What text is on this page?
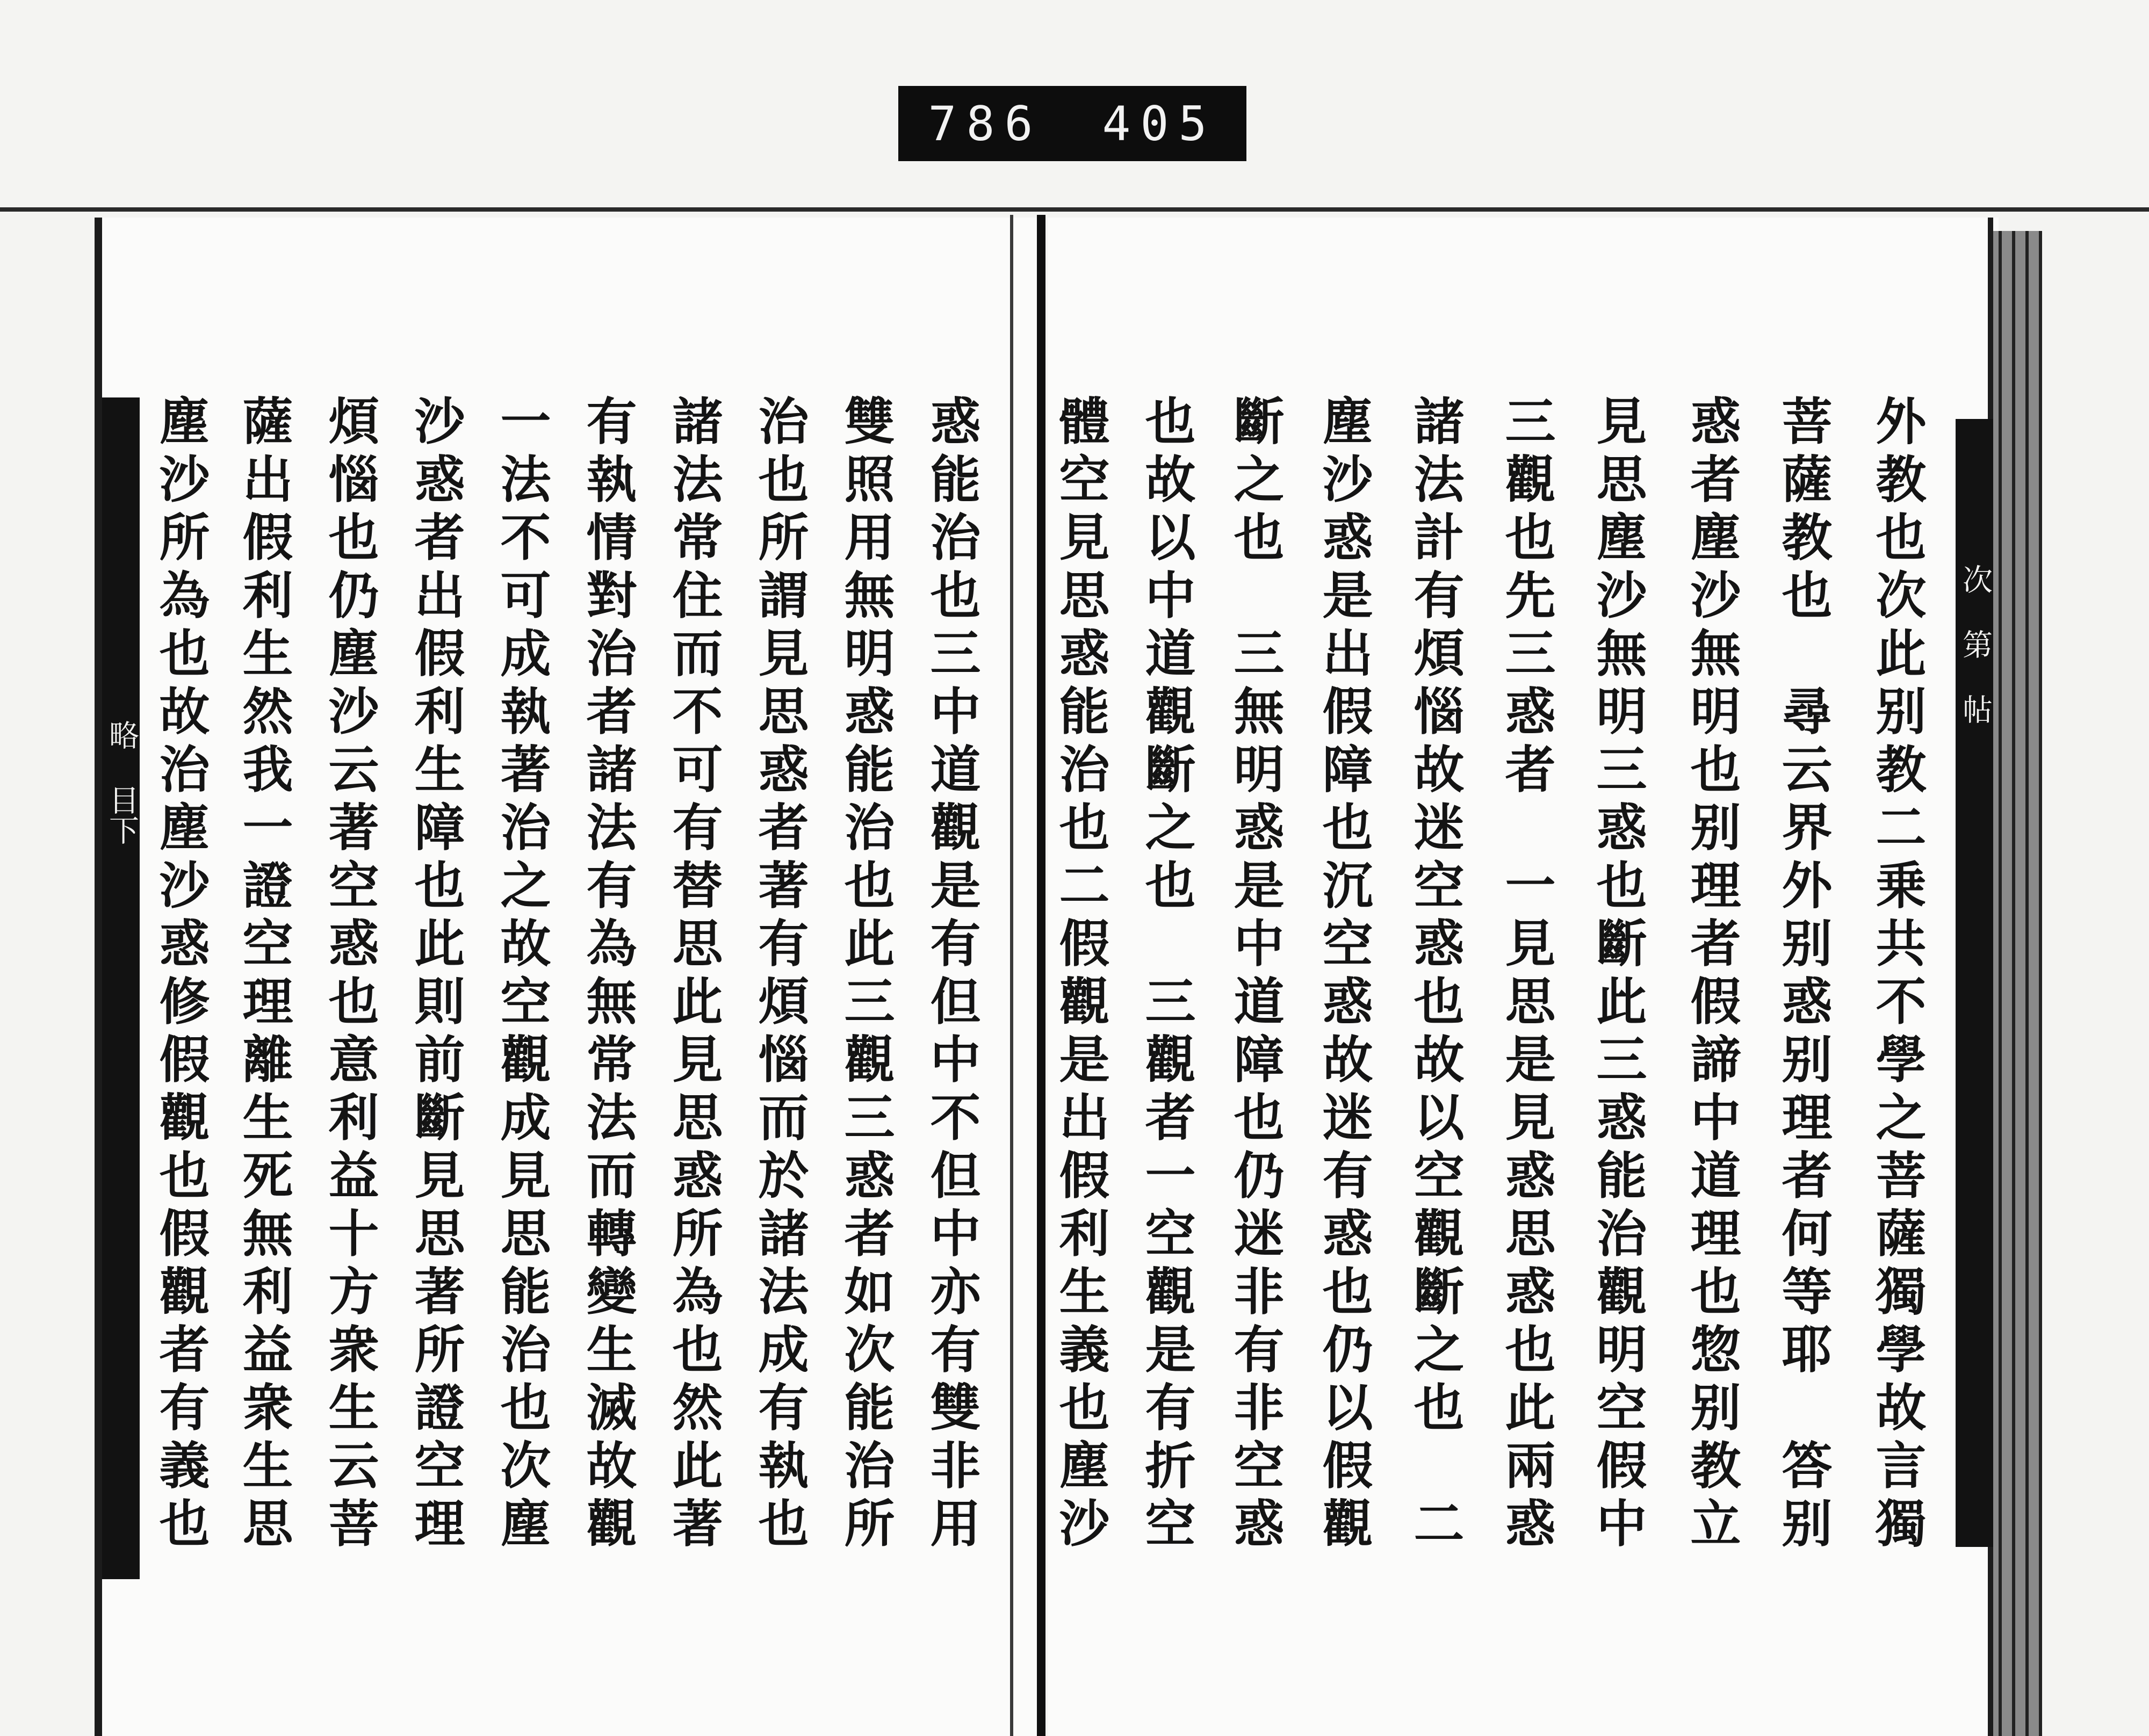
786 405
略 目下
次 第 帖
外教也次此别教二乗共不學之菩薩獨學故言獨
菩薩教也　尋云界外别惑别理者何等耶　答别
惑者塵沙無明也别理者假諦中道理也惣别教立
見思塵沙無明三惑也斷此三惑能治觀明空假中
三觀也先三惑者　一見思是見惑思惑也此兩惑
諸法計有煩惱故迷空惑也故以空觀斷之也　二
塵沙惑是出假障也沉空惑故迷有惑也仍以假觀
斷之也　三無明惑是中道障也仍迷非有非空惑
也故以中道觀斷之也　三觀者一空觀是有折空
體空見思惑能治也二假觀是出假利生義也塵沙
惑能治也三中道觀是有但中不但中亦有雙非用
雙照用無明惑能治也此三觀三惑者如次能治所
治也所謂見思惑者著有煩惱而於諸法成有執也
諸法常住而不可有替思此見思惑所為也然此著
有執情對治者諸法有為無常法而轉變生滅故觀
一法不可成執著治之故空觀成見思能治也次塵
沙惑者出假利生障也此則前斷見思著所證空理
煩惱也仍塵沙云著空惑也意利益十方衆生云菩
薩出假利生然我一證空理離生死無利益衆生思
塵沙所為也故治塵沙惑修假觀也假觀者有義也
